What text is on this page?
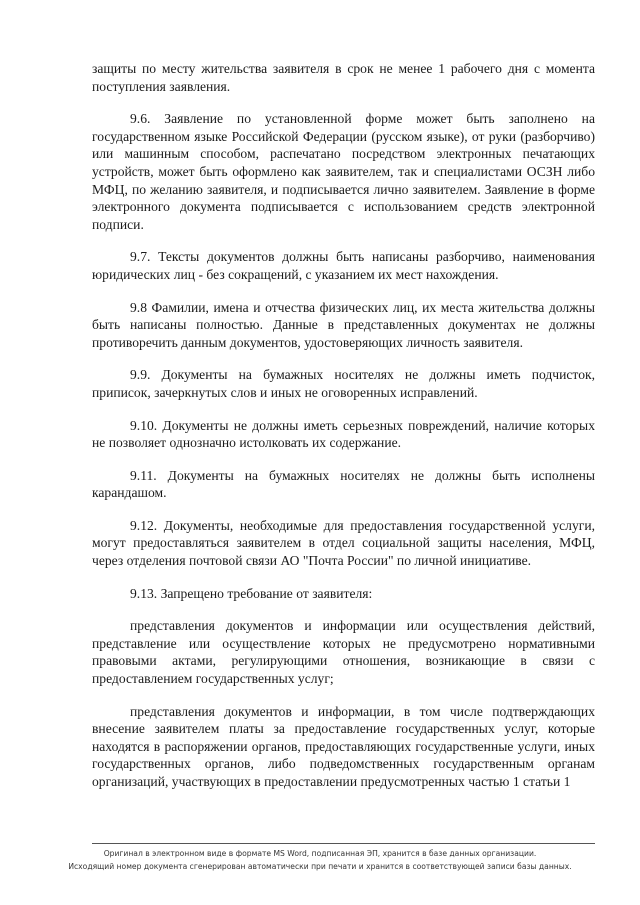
защиты по месту жительства заявителя в срок не менее 1 рабочего дня с момента поступления заявления.

9.6. Заявление по установленной форме может быть заполнено на государственном языке Российской Федерации (русском языке), от руки (разборчиво) или машинным способом, распечатано посредством электронных печатающих устройств, может быть оформлено как заявителем, так и специалистами ОСЗН либо МФЦ, по желанию заявителя, и подписывается лично заявителем. Заявление в форме электронного документа подписывается с использованием средств электронной подписи.

9.7. Тексты документов должны быть написаны разборчиво, наименования юридических лиц - без сокращений, с указанием их мест нахождения.

9.8 Фамилии, имена и отчества физических лиц, их места жительства должны быть написаны полностью. Данные в представленных документах не должны противоречить данным документов, удостоверяющих личность заявителя.

9.9. Документы на бумажных носителях не должны иметь подчисток, приписок, зачеркнутых слов и иных не оговоренных исправлений.

9.10. Документы не должны иметь серьезных повреждений, наличие которых не позволяет однозначно истолковать их содержание.

9.11. Документы на бумажных носителях не должны быть исполнены карандашом.

9.12. Документы, необходимые для предоставления государственной услуги, могут предоставляться заявителем в отдел социальной защиты населения, МФЦ, через отделения почтовой связи АО "Почта России" по личной инициативе.

9.13. Запрещено требование от заявителя:

представления документов и информации или осуществления действий, представление или осуществление которых не предусмотрено нормативными правовыми актами, регулирующими отношения, возникающие в связи с предоставлением государственных услуг;

представления документов и информации, в том числе подтверждающих внесение заявителем платы за предоставление государственных услуг, которые находятся в распоряжении органов, предоставляющих государственные услуги, иных государственных органов, либо подведомственных государственным органам организаций, участвующих в предоставлении предусмотренных частью 1 статьи 1

Оригинал в электронном виде в формате MS Word, подписанная ЭП, хранится в базе данных организации.
Исходящий номер документа сгенерирован автоматически при печати и хранится в соответствующей записи базы данных.
